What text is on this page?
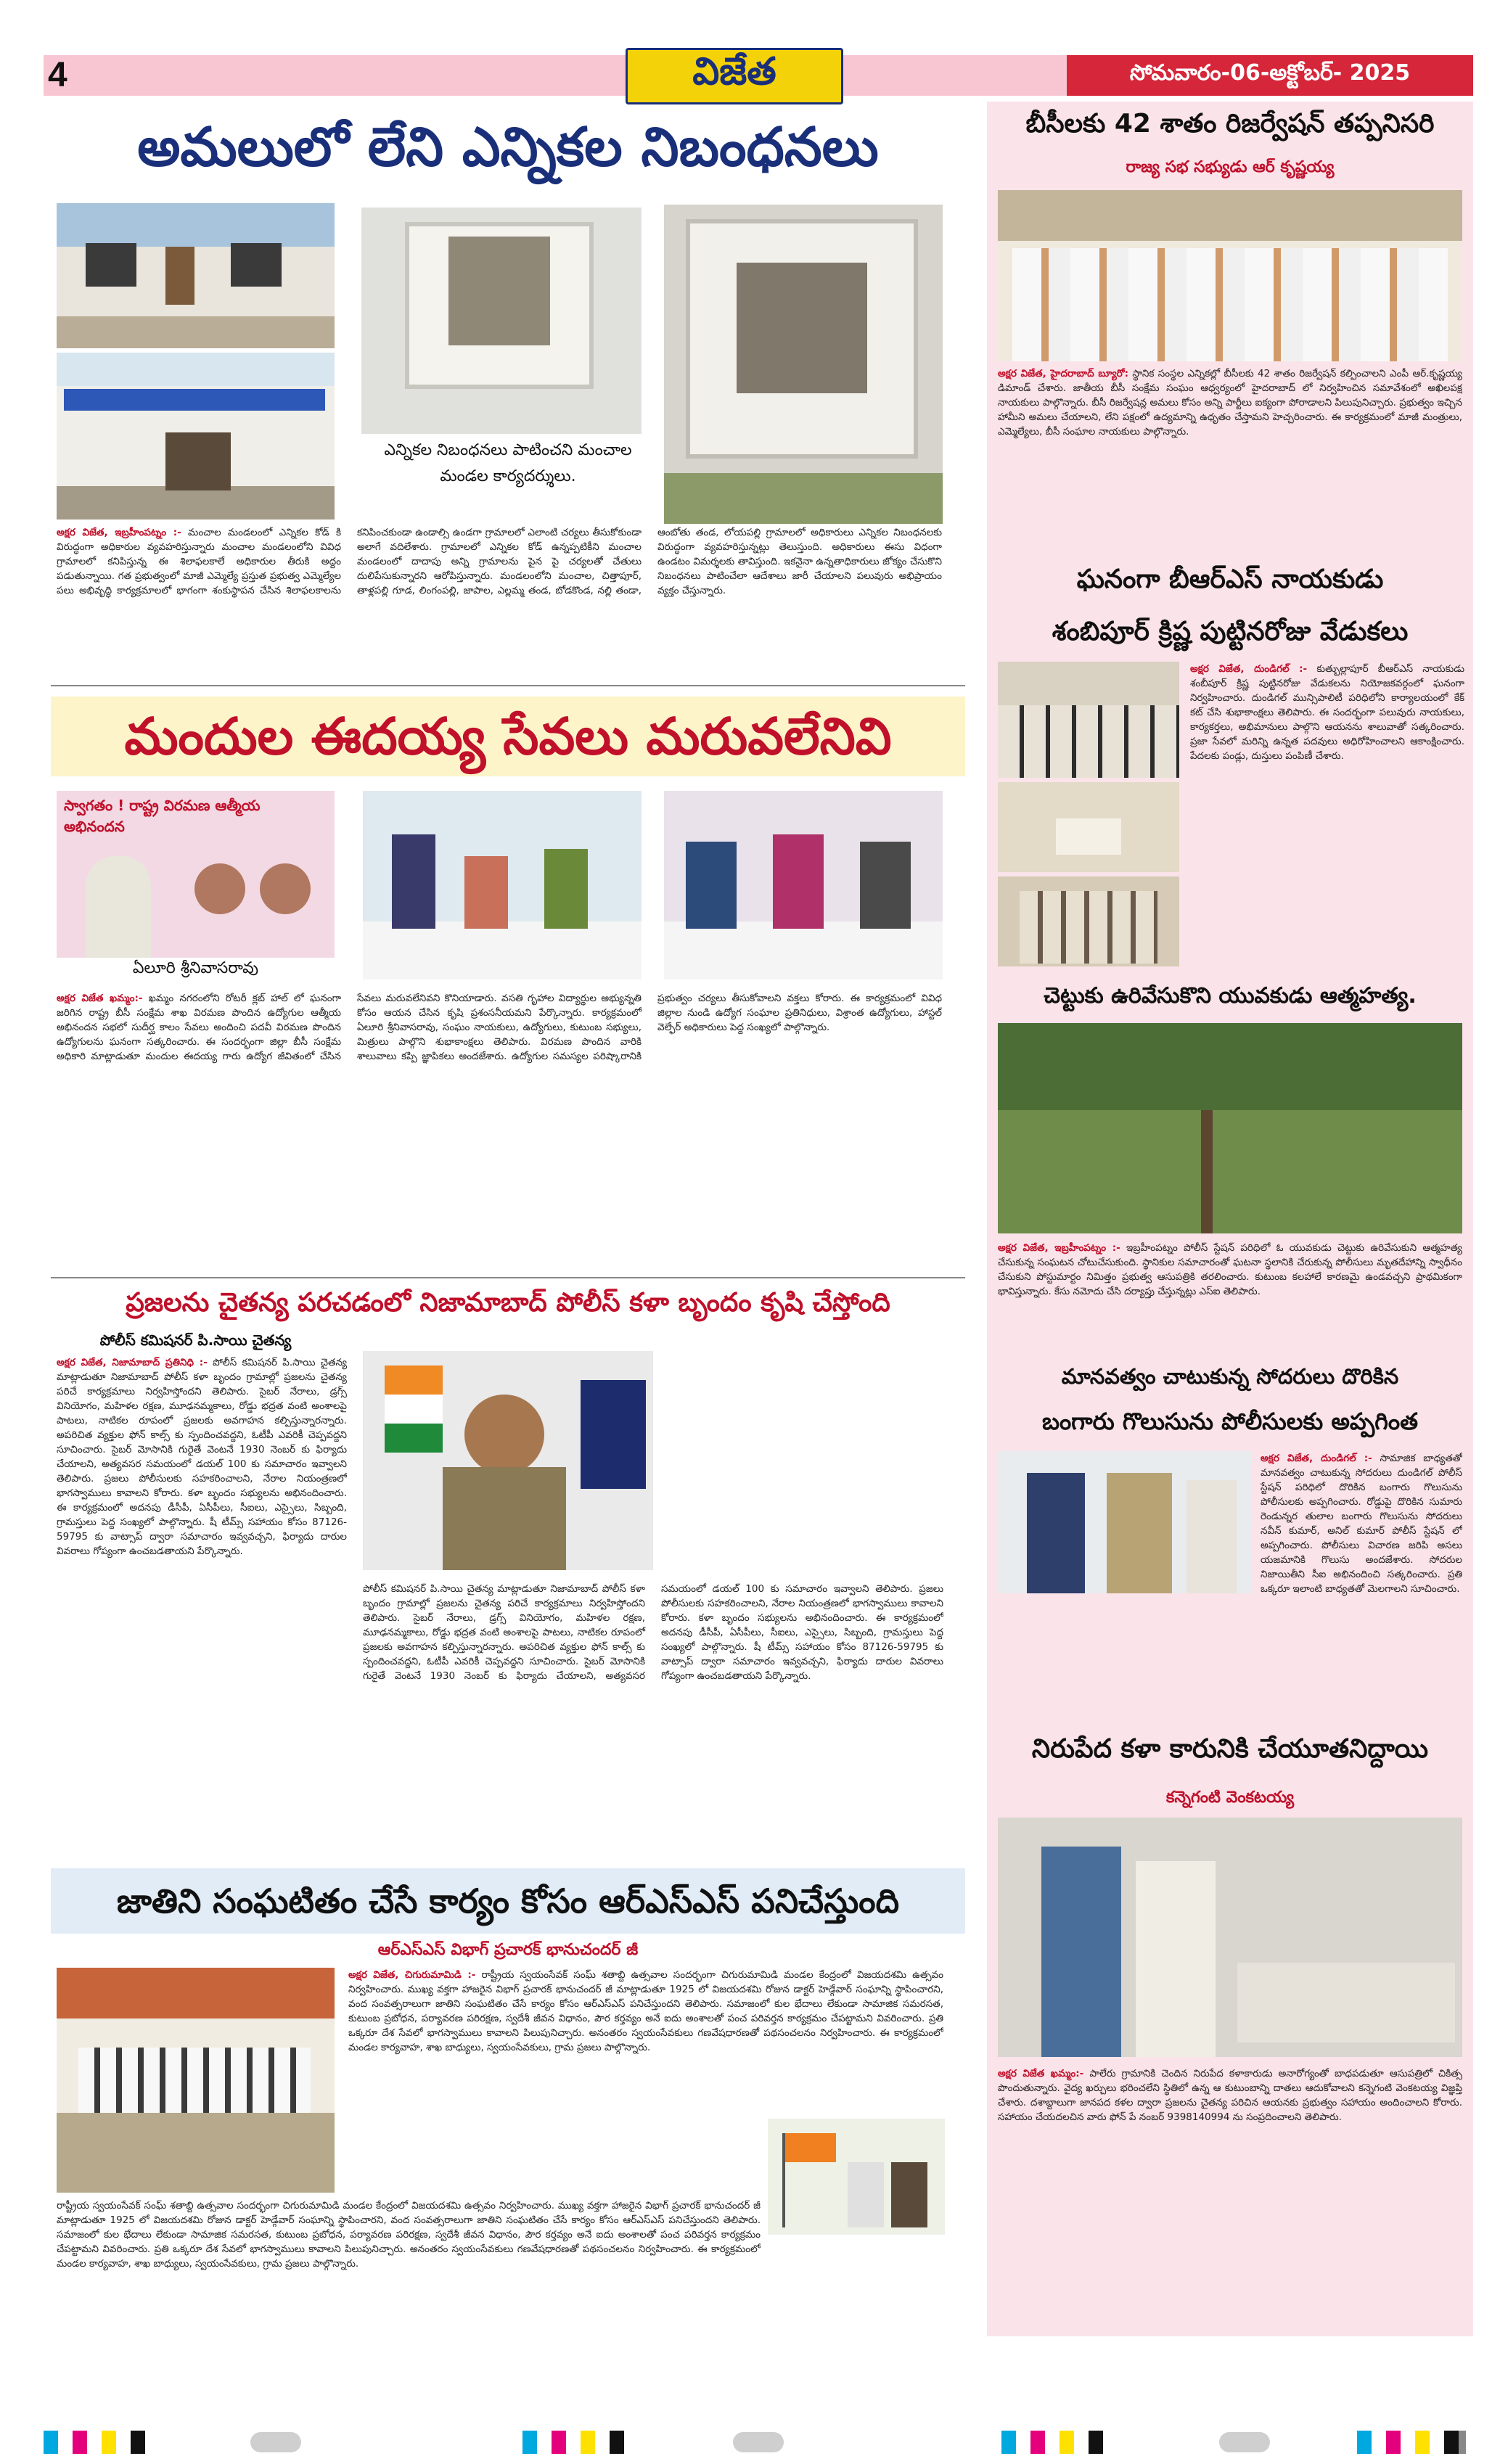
4	విజేత	సోమవారం-06-అక్టోబర్- 2025
అమలులో లేని ఎన్నికల నిబంధనలు
ఎన్నికల నిబంధనలు పాటించని మంచాల మండల కార్యదర్శులు.
అక్షర విజేత, ఇబ్రహీంపట్నం :- మంచాల మండలంలో ఎన్నికల కోడ్ కి విరుద్ధంగా అధికారుల వ్యవహరిస్తున్నారు మంచాల మండలంలోని వివిధ గ్రామాలలో కనిపిస్తున్న ఈ శిలాఫలకాలే అధికారుల తీరుకి అద్దం పడుతున్నాయి. గత ప్రభుత్వంలో మాజీ ఎమ్మెల్యే ప్రస్తుత ప్రభుత్వ ఎమ్మెల్యేల పలు అభివృద్ధి కార్యక్రమాలలో భాగంగా శంకుస్థాపన చేసిన శిలాఫలకాలను కనిపించకుండా ఉండాల్సి ఉండగా గ్రామాలలో ఎలాంటి చర్యలు తీసుకోకుండా అలాగే వదిలేశారు. గ్రామాలలో ఎన్నికల కోడ్ ఉన్నప్పటికీని మంచాల మండలంలో దాదాపు అన్ని గ్రామాలను పైన పై చర్యలతో చేతులు దులిపేసుకున్నారని ఆరోపిస్తున్నారు. మండలంలోని మంచాల, చిత్తాపూర్, తాళ్లపల్లి గూడ, లింగంపల్లి, జాపాల, ఎల్లమ్మ తండ, బోడకొండ, నల్లి తండా, ఆంబోతు తండ, లోయపల్లి గ్రామాలలో అధికారులు ఎన్నికల నిబంధనలకు విరుద్ధంగా వ్యవహరిస్తున్నట్లు తెలుస్తుంది. అధికారులు ఈసు విధంగా ఉండటం విమర్శలకు తావిస్తుంది. ఇకనైనా ఉన్నతాధికారులు జోక్యం చేసుకొని నిబంధనలు పాటించేలా ఆదేశాలు జారీ చేయాలని పలువురు అభిప్రాయం వ్యక్తం చేస్తున్నారు.
మందుల ఈదయ్య సేవలు మరువలేనివి
స్వాగతం ! రాష్ట్ర విరమణ ఆత్మీయ అభినందన
ఏలూరి శ్రీనివాసరావు
అక్షర విజేత ఖమ్మం:- ఖమ్మం నగరంలోని రోటరీ క్లబ్ హాల్ లో ఘనంగా జరిగిన రాష్ట్ర బీసీ సంక్షేమ శాఖ విరమణ పొందిన ఉద్యోగుల ఆత్మీయ అభినందన సభలో సుదీర్ఘ కాలం సేవలు అందించి పదవీ విరమణ పొందిన ఉద్యోగులను ఘనంగా సత్కరించారు. ఈ సందర్భంగా జిల్లా బీసీ సంక్షేమ అధికారి మాట్లాడుతూ మందుల ఈదయ్య గారు ఉద్యోగ జీవితంలో చేసిన సేవలు మరువలేనివని కొనియాడారు. వసతి గృహాల విద్యార్థుల అభ్యున్నతి కోసం ఆయన చేసిన కృషి ప్రశంసనీయమని పేర్కొన్నారు. కార్యక్రమంలో ఏలూరి శ్రీనివాసరావు, సంఘం నాయకులు, ఉద్యోగులు, కుటుంబ సభ్యులు, మిత్రులు పాల్గొని శుభాకాంక్షలు తెలిపారు. విరమణ పొందిన వారికి శాలువాలు కప్పి జ్ఞాపికలు అందజేశారు. ఉద్యోగుల సమస్యల పరిష్కారానికి ప్రభుత్వం చర్యలు తీసుకోవాలని వక్తలు కోరారు. ఈ కార్యక్రమంలో వివిధ జిల్లాల నుండి ఉద్యోగ సంఘాల ప్రతినిధులు, విశ్రాంత ఉద్యోగులు, హాస్టల్ వెల్ఫేర్ అధికారులు పెద్ద సంఖ్యలో పాల్గొన్నారు.
ప్రజలను చైతన్య పరచడంలో నిజామాబాద్ పోలీస్ కళా బృందం కృషి చేస్తోంది
పోలీస్ కమిషనర్ పి.సాయి చైతన్య
అక్షర విజేత, నిజామాబాద్ ప్రతినిధి :- పోలీస్ కమిషనర్ పి.సాయి చైతన్య మాట్లాడుతూ నిజామాబాద్ పోలీస్ కళా బృందం గ్రామాల్లో ప్రజలను చైతన్య పరిచే కార్యక్రమాలు నిర్వహిస్తోందని తెలిపారు. సైబర్ నేరాలు, డ్రగ్స్ వినియోగం, మహిళల రక్షణ, మూఢనమ్మకాలు, రోడ్డు భద్రత వంటి అంశాలపై పాటలు, నాటికల రూపంలో ప్రజలకు అవగాహన కల్పిస్తున్నారన్నారు. అపరిచిత వ్యక్తుల ఫోన్ కాల్స్ కు స్పందించవద్దని, ఓటీపీ ఎవరికీ చెప్పవద్దని సూచించారు. సైబర్ మోసానికి గురైతే వెంటనే 1930 నెంబర్ కు ఫిర్యాదు చేయాలని, అత్యవసర సమయంలో డయల్ 100 కు సమాచారం ఇవ్వాలని తెలిపారు. ప్రజలు పోలీసులకు సహకరించాలని, నేరాల నియంత్రణలో భాగస్వాములు కావాలని కోరారు. కళా బృందం సభ్యులను అభినందించారు. ఈ కార్యక్రమంలో అదనపు డీసీపీ, ఏసీపీలు, సీఐలు, ఎస్సైలు, సిబ్బంది, గ్రామస్తులు పెద్ద సంఖ్యలో పాల్గొన్నారు. షీ టీమ్స్ సహాయం కోసం 87126-59795 కు వాట్సాప్ ద్వారా సమాచారం ఇవ్వవచ్చని, ఫిర్యాదు దారుల వివరాలు గోప్యంగా ఉంచబడతాయని పేర్కొన్నారు.
పోలీస్ కమిషనర్ పి.సాయి చైతన్య మాట్లాడుతూ నిజామాబాద్ పోలీస్ కళా బృందం గ్రామాల్లో ప్రజలను చైతన్య పరిచే కార్యక్రమాలు నిర్వహిస్తోందని తెలిపారు. సైబర్ నేరాలు, డ్రగ్స్ వినియోగం, మహిళల రక్షణ, మూఢనమ్మకాలు, రోడ్డు భద్రత వంటి అంశాలపై పాటలు, నాటికల రూపంలో ప్రజలకు అవగాహన కల్పిస్తున్నారన్నారు. అపరిచిత వ్యక్తుల ఫోన్ కాల్స్ కు స్పందించవద్దని, ఓటీపీ ఎవరికీ చెప్పవద్దని సూచించారు. సైబర్ మోసానికి గురైతే వెంటనే 1930 నెంబర్ కు ఫిర్యాదు చేయాలని, అత్యవసర సమయంలో డయల్ 100 కు సమాచారం ఇవ్వాలని తెలిపారు. ప్రజలు పోలీసులకు సహకరించాలని, నేరాల నియంత్రణలో భాగస్వాములు కావాలని కోరారు. కళా బృందం సభ్యులను అభినందించారు. ఈ కార్యక్రమంలో అదనపు డీసీపీ, ఏసీపీలు, సీఐలు, ఎస్సైలు, సిబ్బంది, గ్రామస్తులు పెద్ద సంఖ్యలో పాల్గొన్నారు. షీ టీమ్స్ సహాయం కోసం 87126-59795 కు వాట్సాప్ ద్వారా సమాచారం ఇవ్వవచ్చని, ఫిర్యాదు దారుల వివరాలు గోప్యంగా ఉంచబడతాయని పేర్కొన్నారు.
జాతిని సంఘటితం చేసే కార్యం కోసం ఆర్ఎస్ఎస్ పనిచేస్తుంది
ఆర్ఎస్ఎస్ విభాగ్ ప్రచారక్ భానుచందర్ జీ
అక్షర విజేత, చిగురుమామిడి :- రాష్ట్రీయ స్వయంసేవక్ సంఘ్ శతాబ్ది ఉత్సవాల సందర్భంగా చిగురుమామిడి మండల కేంద్రంలో విజయదశమి ఉత్సవం నిర్వహించారు. ముఖ్య వక్తగా హాజరైన విభాగ్ ప్రచారక్ భానుచందర్ జీ మాట్లాడుతూ 1925 లో విజయదశమి రోజున డాక్టర్ హెడ్గేవార్ సంఘాన్ని స్థాపించారని, వంద సంవత్సరాలుగా జాతిని సంఘటితం చేసే కార్యం కోసం ఆర్ఎస్ఎస్ పనిచేస్తుందని తెలిపారు. సమాజంలో కుల భేదాలు లేకుండా సామాజిక సమరసత, కుటుంబ ప్రబోధన, పర్యావరణ పరిరక్షణ, స్వదేశీ జీవన విధానం, పౌర కర్తవ్యం అనే ఐదు అంశాలతో పంచ పరివర్తన కార్యక్రమం చేపట్టామని వివరించారు. ప్రతి ఒక్కరూ దేశ సేవలో భాగస్వాములు కావాలని పిలుపునిచ్చారు. అనంతరం స్వయంసేవకులు గణవేషధారణతో పథసంచలనం నిర్వహించారు. ఈ కార్యక్రమంలో మండల కార్యవాహ, శాఖ బాధ్యులు, స్వయంసేవకులు, గ్రామ ప్రజలు పాల్గొన్నారు.
రాష్ట్రీయ స్వయంసేవక్ సంఘ్ శతాబ్ది ఉత్సవాల సందర్భంగా చిగురుమామిడి మండల కేంద్రంలో విజయదశమి ఉత్సవం నిర్వహించారు. ముఖ్య వక్తగా హాజరైన విభాగ్ ప్రచారక్ భానుచందర్ జీ మాట్లాడుతూ 1925 లో విజయదశమి రోజున డాక్టర్ హెడ్గేవార్ సంఘాన్ని స్థాపించారని, వంద సంవత్సరాలుగా జాతిని సంఘటితం చేసే కార్యం కోసం ఆర్ఎస్ఎస్ పనిచేస్తుందని తెలిపారు. సమాజంలో కుల భేదాలు లేకుండా సామాజిక సమరసత, కుటుంబ ప్రబోధన, పర్యావరణ పరిరక్షణ, స్వదేశీ జీవన విధానం, పౌర కర్తవ్యం అనే ఐదు అంశాలతో పంచ పరివర్తన కార్యక్రమం చేపట్టామని వివరించారు. ప్రతి ఒక్కరూ దేశ సేవలో భాగస్వాములు కావాలని పిలుపునిచ్చారు. అనంతరం స్వయంసేవకులు గణవేషధారణతో పథసంచలనం నిర్వహించారు. ఈ కార్యక్రమంలో మండల కార్యవాహ, శాఖ బాధ్యులు, స్వయంసేవకులు, గ్రామ ప్రజలు పాల్గొన్నారు.
బీసీలకు 42 శాతం రిజర్వేషన్ తప్పనిసరి
రాజ్య సభ సభ్యుడు ఆర్ కృష్ణయ్య
అక్షర విజేత, హైదరాబాద్ బ్యూరో: స్థానిక సంస్థల ఎన్నికల్లో బీసీలకు 42 శాతం రిజర్వేషన్ కల్పించాలని ఎంపీ ఆర్.కృష్ణయ్య డిమాండ్ చేశారు. జాతీయ బీసీ సంక్షేమ సంఘం ఆధ్వర్యంలో హైదరాబాద్ లో నిర్వహించిన సమావేశంలో అఖిలపక్ష నాయకులు పాల్గొన్నారు. బీసీ రిజర్వేషన్ల అమలు కోసం అన్ని పార్టీలు ఐక్యంగా పోరాడాలని పిలుపునిచ్చారు. ప్రభుత్వం ఇచ్చిన హామీని అమలు చేయాలని, లేని పక్షంలో ఉద్యమాన్ని ఉధృతం చేస్తామని హెచ్చరించారు. ఈ కార్యక్రమంలో మాజీ మంత్రులు, ఎమ్మెల్యేలు, బీసీ సంఘాల నాయకులు పాల్గొన్నారు.
ఘనంగా బీఆర్ఎస్ నాయకుడు
శంబిపూర్ క్రిష్ణ పుట్టినరోజు వేడుకలు
అక్షర విజేత, దుండిగల్ :- కుత్బుల్లాపూర్ బీఆర్ఎస్ నాయకుడు శంబీపూర్ క్రిష్ణ పుట్టినరోజు వేడుకలను నియోజకవర్గంలో ఘనంగా నిర్వహించారు. దుండిగల్ మున్సిపాలిటీ పరిధిలోని కార్యాలయంలో కేక్ కట్ చేసి శుభాకాంక్షలు తెలిపారు. ఈ సందర్భంగా పలువురు నాయకులు, కార్యకర్తలు, అభిమానులు పాల్గొని ఆయనను శాలువాతో సత్కరించారు. ప్రజా సేవలో మరిన్ని ఉన్నత పదవులు అధిరోహించాలని ఆకాంక్షించారు. పేదలకు పండ్లు, దుస్తులు పంపిణీ చేశారు.
చెట్టుకు ఉరివేసుకొని యువకుడు ఆత్మహత్య.
అక్షర విజేత, ఇబ్రహీంపట్నం :- ఇబ్రహీంపట్నం పోలీస్ స్టేషన్ పరిధిలో ఓ యువకుడు చెట్టుకు ఉరివేసుకుని ఆత్మహత్య చేసుకున్న సంఘటన చోటుచేసుకుంది. స్థానికుల సమాచారంతో ఘటనా స్థలానికి చేరుకున్న పోలీసులు మృతదేహాన్ని స్వాధీనం చేసుకుని పోస్టుమార్టం నిమిత్తం ప్రభుత్వ ఆసుపత్రికి తరలించారు. కుటుంబ కలహాలే కారణమై ఉండవచ్చని ప్రాథమికంగా భావిస్తున్నారు. కేసు నమోదు చేసి దర్యాప్తు చేస్తున్నట్లు ఎస్ఐ తెలిపారు.
మానవత్వం చాటుకున్న సోదరులు దొరికిన
బంగారు గొలుసును పోలీసులకు అప్పగింత
అక్షర విజేత, దుండిగల్ :- సామాజిక బాధ్యతతో మానవత్వం చాటుకున్న సోదరులు దుండిగల్ పోలీస్ స్టేషన్ పరిధిలో దొరికిన బంగారు గొలుసును పోలీసులకు అప్పగించారు. రోడ్డుపై దొరికిన సుమారు రెండున్నర తులాల బంగారు గొలుసును సోదరులు నవీన్ కుమార్, అనిల్ కుమార్ పోలీస్ స్టేషన్ లో అప్పగించారు. పోలీసులు విచారణ జరిపి అసలు యజమానికి గొలుసు అందజేశారు. సోదరుల నిజాయితీని సీఐ అభినందించి సత్కరించారు. ప్రతి ఒక్కరూ ఇలాంటి బాధ్యతతో మెలగాలని సూచించారు.
నిరుపేద కళా కారునికి చేయూతనిద్దాయి
కన్నెగంటి వెంకటయ్య
అక్షర విజేత ఖమ్మం:- పాలేరు గ్రామానికి చెందిన నిరుపేద కళాకారుడు అనారోగ్యంతో బాధపడుతూ ఆసుపత్రిలో చికిత్స పొందుతున్నారు. వైద్య ఖర్చులు భరించలేని స్థితిలో ఉన్న ఆ కుటుంబాన్ని దాతలు ఆదుకోవాలని కన్నెగంటి వెంకటయ్య విజ్ఞప్తి చేశారు. దశాబ్దాలుగా జానపద కళల ద్వారా ప్రజలను చైతన్య పరిచిన ఆయనకు ప్రభుత్వం సహాయం అందించాలని కోరారు. సహాయం చేయదలచిన వారు ఫోన్ పే నంబర్ 9398140994 ను సంప్రదించాలని తెలిపారు.
